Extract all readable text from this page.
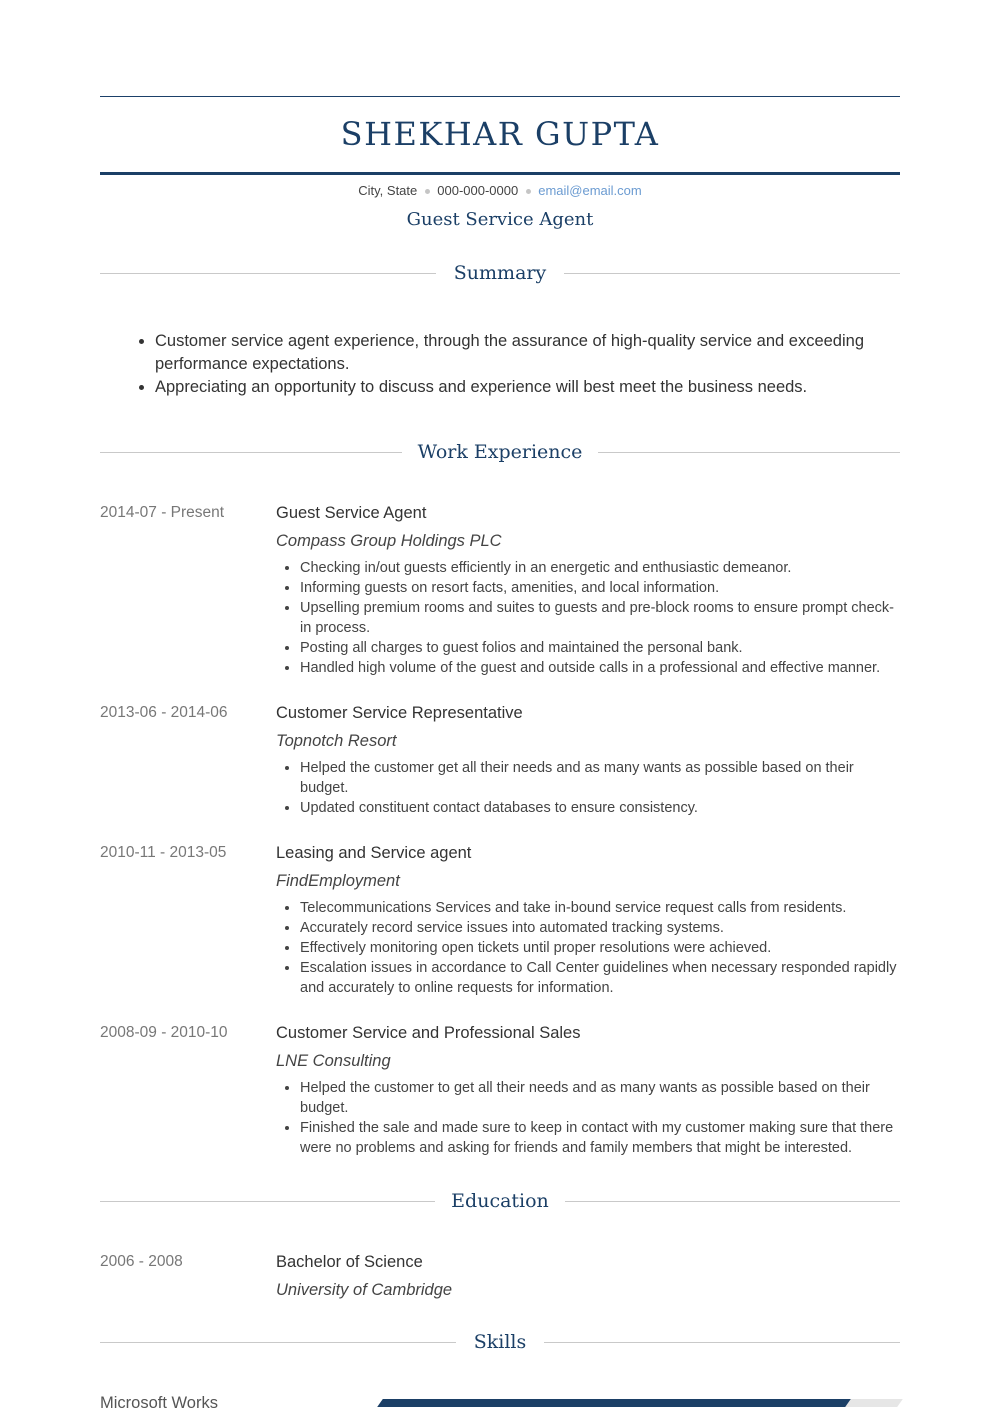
SHEKHAR GUPTA
City, State 000-000-0000 email@email.com
Guest Service Agent
Summary
• Customer service agent experience, through the assurance of high-quality service and exceeding performance expectations.
• Appreciating an opportunity to discuss and experience will best meet the business needs.
Work Experience
2014-07 - Present	Guest Service Agent
Compass Group Holdings PLC
• Checking in/out guests efficiently in an energetic and enthusiastic demeanor.
• Informing guests on resort facts, amenities, and local information.
• Upselling premium rooms and suites to guests and pre-block rooms to ensure prompt check-in process.
• Posting all charges to guest folios and maintained the personal bank.
• Handled high volume of the guest and outside calls in a professional and effective manner.
2013-06 - 2014-06	Customer Service Representative
Topnotch Resort
• Helped the customer get all their needs and as many wants as possible based on their budget.
• Updated constituent contact databases to ensure consistency.
2010-11 - 2013-05	Leasing and Service agent
FindEmployment
• Telecommunications Services and take in-bound service request calls from residents.
• Accurately record service issues into automated tracking systems.
• Effectively monitoring open tickets until proper resolutions were achieved.
• Escalation issues in accordance to Call Center guidelines when necessary responded rapidly and accurately to online requests for information.
2008-09 - 2010-10	Customer Service and Professional Sales
LNE Consulting
• Helped the customer to get all their needs and as many wants as possible based on their budget.
• Finished the sale and made sure to keep in contact with my customer making sure that there were no problems and asking for friends and family members that might be interested.
Education
2006 - 2008	Bachelor of Science
University of Cambridge
Skills
Microsoft Works
